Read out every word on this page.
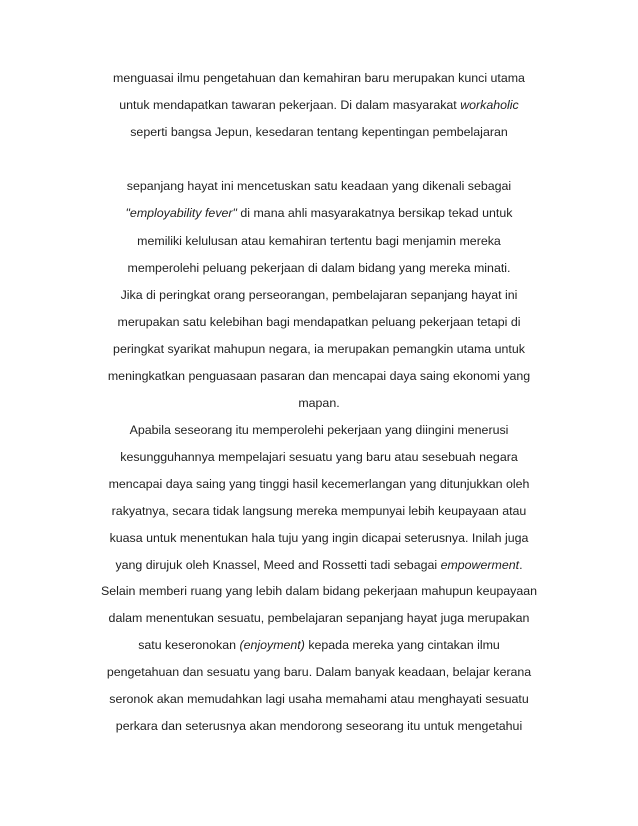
menguasai ilmu pengetahuan dan kemahiran baru merupakan kunci utama
untuk mendapatkan tawaran pekerjaan. Di dalam masyarakat workaholic
seperti bangsa Jepun, kesedaran tentang kepentingan pembelajaran
sepanjang hayat ini mencetuskan satu keadaan yang dikenali sebagai
"employability fever" di mana ahli masyarakatnya bersikap tekad untuk
memiliki kelulusan atau kemahiran tertentu bagi menjamin mereka
memperolehi peluang pekerjaan di dalam bidang yang mereka minati.
Jika di peringkat orang perseorangan, pembelajaran sepanjang hayat ini
merupakan satu kelebihan bagi mendapatkan peluang pekerjaan tetapi di
peringkat syarikat mahupun negara, ia merupakan pemangkin utama untuk
meningkatkan penguasaan pasaran dan mencapai daya saing ekonomi yang
mapan.
Apabila seseorang itu memperolehi pekerjaan yang diingini menerusi
kesungguhannya mempelajari sesuatu yang baru atau sesebuah negara
mencapai daya saing yang tinggi hasil kecemerlangan yang ditunjukkan oleh
rakyatnya, secara tidak langsung mereka mempunyai lebih keupayaan atau
kuasa untuk menentukan hala tuju yang ingin dicapai seterusnya. Inilah juga
yang dirujuk oleh Knassel, Meed and Rossetti tadi sebagai empowerment.
Selain memberi ruang yang lebih dalam bidang pekerjaan mahupun keupayaan
dalam menentukan sesuatu, pembelajaran sepanjang hayat juga merupakan
satu keseronokan (enjoyment) kepada mereka yang cintakan ilmu
pengetahuan dan sesuatu yang baru. Dalam banyak keadaan, belajar kerana
seronok akan memudahkan lagi usaha memahami atau menghayati sesuatu
perkara dan seterusnya akan mendorong seseorang itu untuk mengetahui
